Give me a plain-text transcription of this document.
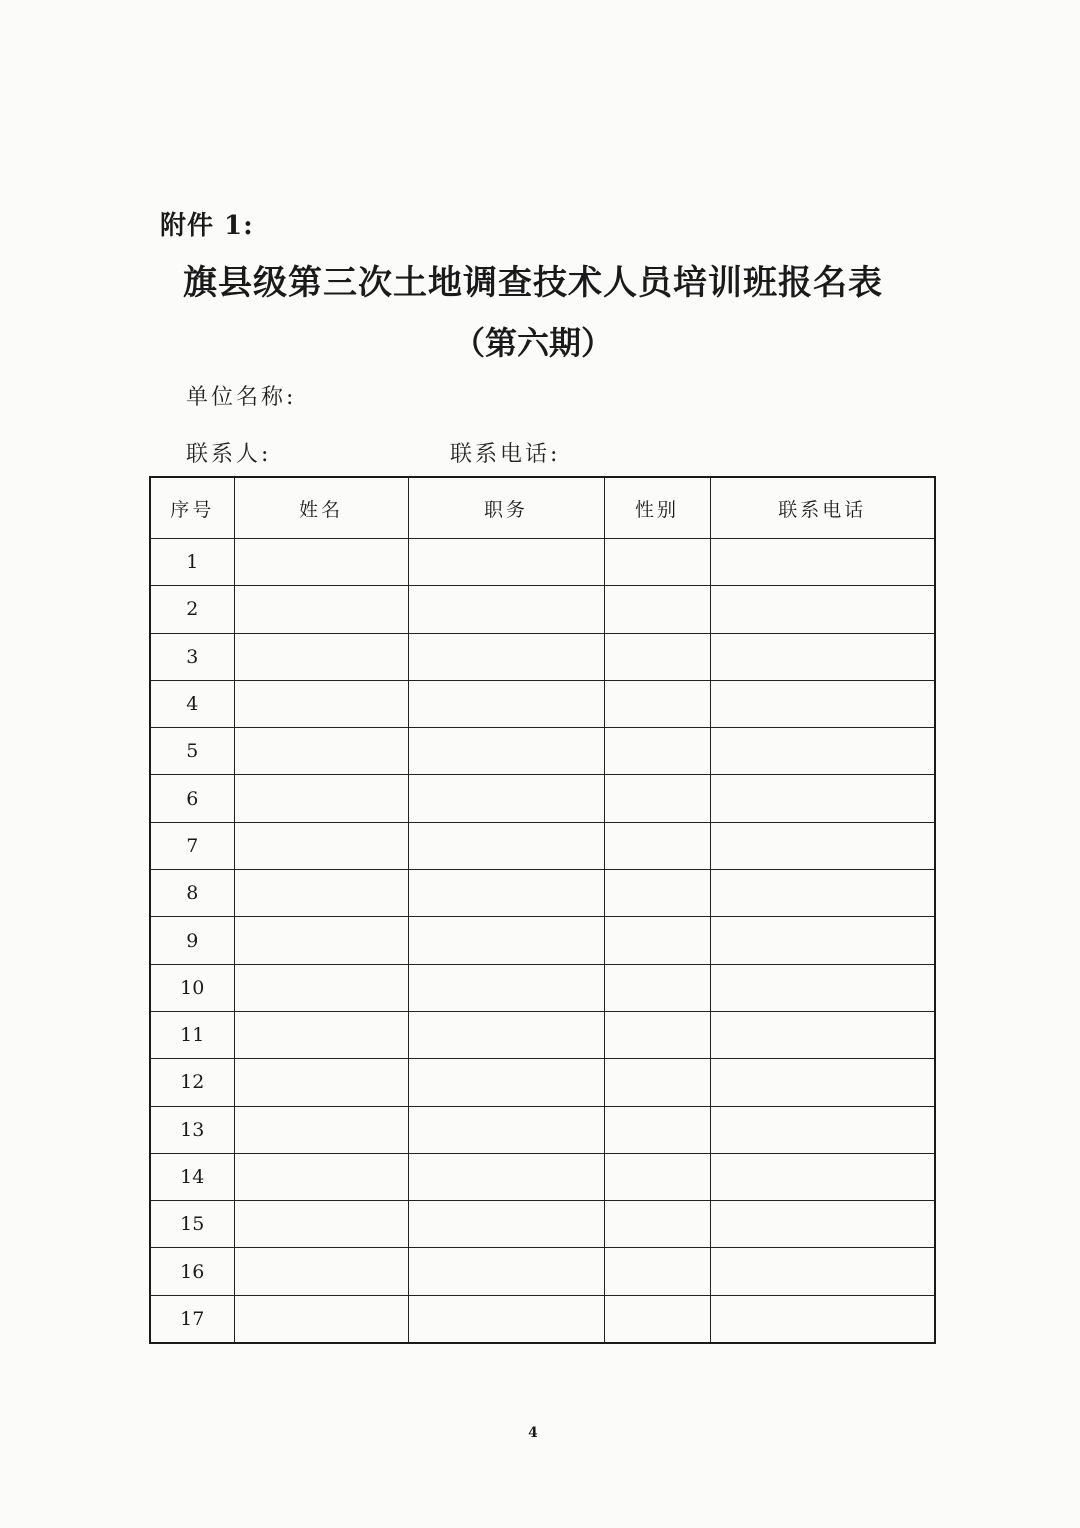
附件 1:
旗县级第三次土地调查技术人员培训班报名表
（第六期）
单位名称:
联系人:	联系电话:
序号	姓名	职务	性别	联系电话
1				
2				
3				
4				
5				
6				
7				
8				
9				
10				
11				
12				
13				
14				
15				
16				
17				
4
